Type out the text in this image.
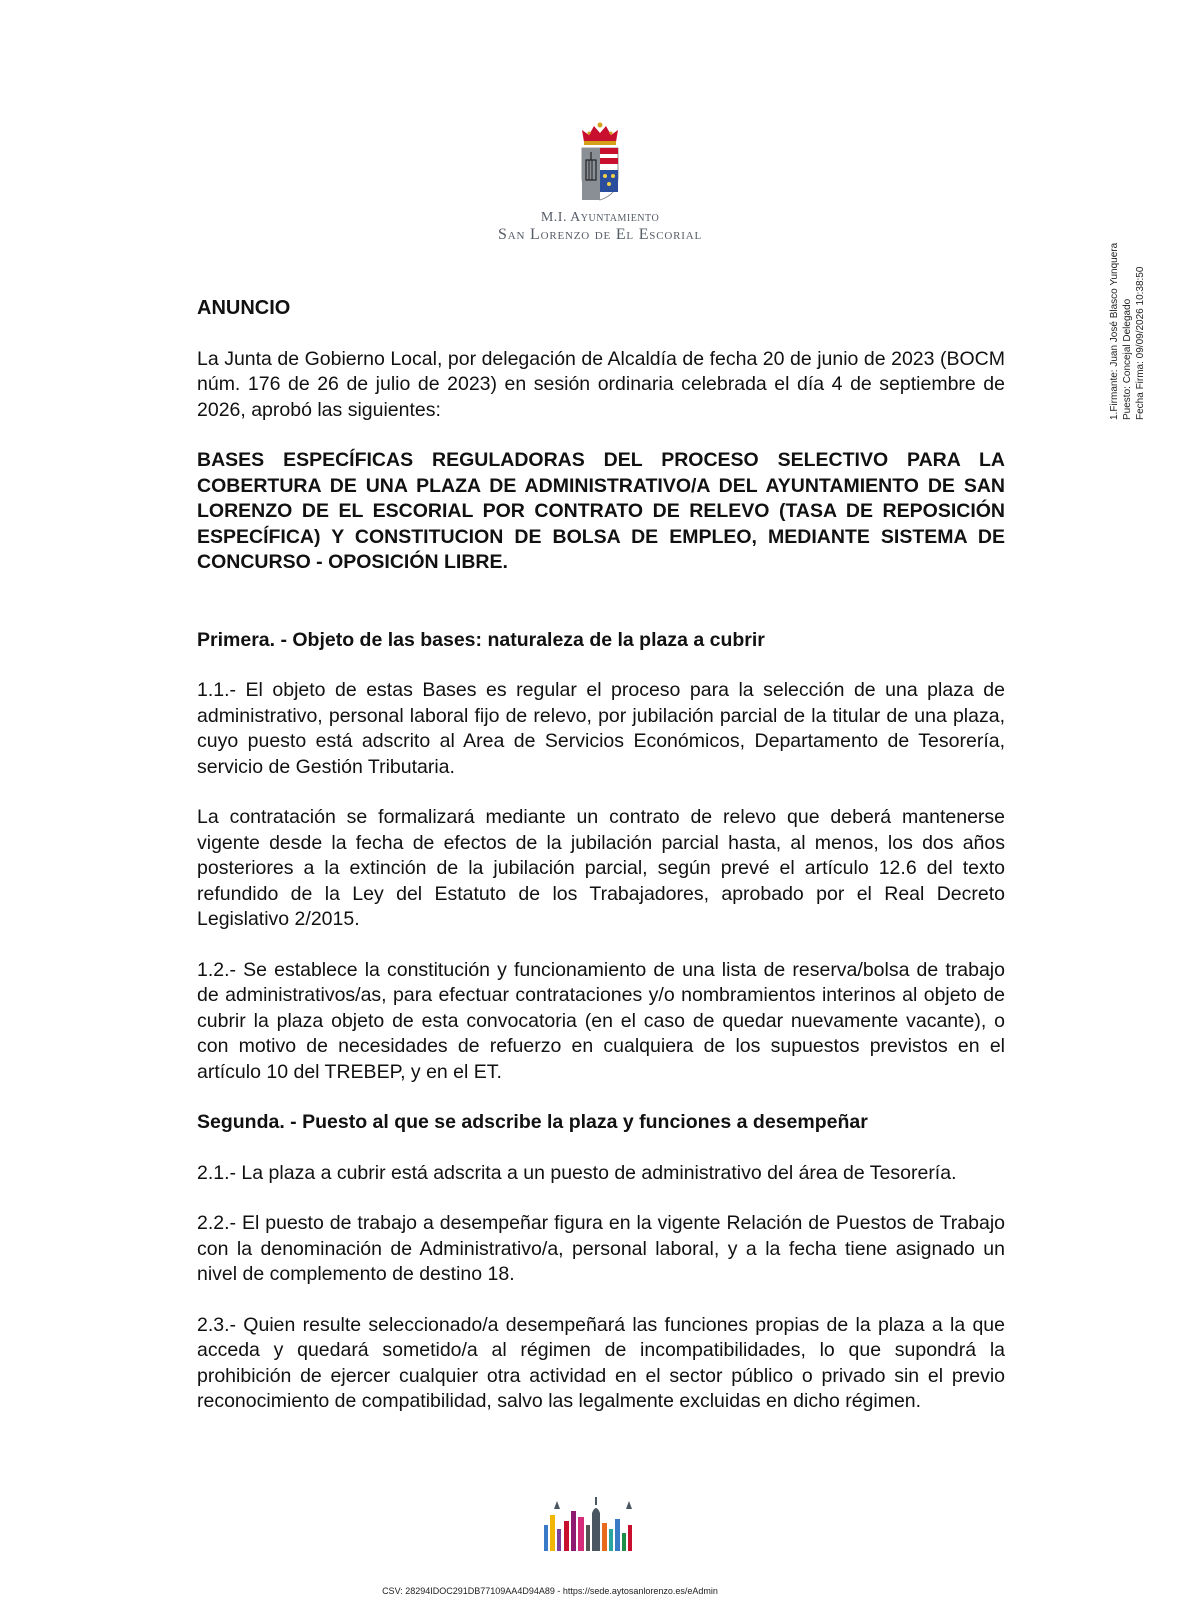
M.I. Ayuntamiento
San Lorenzo de El Escorial
1.Firmante: Juan José Blasco Yunquera Puesto: Concejal Delegado Fecha Firma: 09/09/2026 10:38:50

ANUNCIO

La Junta de Gobierno Local, por delegación de Alcaldía de fecha 20 de junio de 2023 (BOCM núm. 176 de 26 de julio de 2023) en sesión ordinaria celebrada el día 4 de septiembre de 2026, aprobó las siguientes:

BASES ESPECÍFICAS REGULADORAS DEL PROCESO SELECTIVO PARA LA COBERTURA DE UNA PLAZA DE ADMINISTRATIVO/A DEL AYUNTAMIENTO DE SAN LORENZO DE EL ESCORIAL POR CONTRATO DE RELEVO (TASA DE REPOSICIÓN ESPECÍFICA) Y CONSTITUCION DE BOLSA DE EMPLEO, MEDIANTE SISTEMA DE CONCURSO - OPOSICIÓN LIBRE.

Primera. - Objeto de las bases: naturaleza de la plaza a cubrir

1.1.- El objeto de estas Bases es regular el proceso para la selección de una plaza de administrativo, personal laboral fijo de relevo, por jubilación parcial de la titular de una plaza, cuyo puesto está adscrito al Area de Servicios Económicos, Departamento de Tesorería, servicio de Gestión Tributaria.

La contratación se formalizará mediante un contrato de relevo que deberá mantenerse vigente desde la fecha de efectos de la jubilación parcial hasta, al menos, los dos años posteriores a la extinción de la jubilación parcial, según prevé el artículo 12.6 del texto refundido de la Ley del Estatuto de los Trabajadores, aprobado por el Real Decreto Legislativo 2/2015.

1.2.- Se establece la constitución y funcionamiento de una lista de reserva/bolsa de trabajo de administrativos/as, para efectuar contrataciones y/o nombramientos interinos al objeto de cubrir la plaza objeto de esta convocatoria (en el caso de quedar nuevamente vacante), o con motivo de necesidades de refuerzo en cualquiera de los supuestos previstos en el artículo 10 del TREBEP, y en el ET.

Segunda. - Puesto al que se adscribe la plaza y funciones a desempeñar

2.1.- La plaza a cubrir está adscrita a un puesto de administrativo del área de Tesorería.

2.2.- El puesto de trabajo a desempeñar figura en la vigente Relación de Puestos de Trabajo con la denominación de Administrativo/a, personal laboral, y a la fecha tiene asignado un nivel de complemento de destino 18.

2.3.- Quien resulte seleccionado/a desempeñará las funciones propias de la plaza a la que acceda y quedará sometido/a al régimen de incompatibilidades, lo que supondrá la prohibición de ejercer cualquier otra actividad en el sector público o privado sin el previo reconocimiento de compatibilidad, salvo las legalmente excluidas en dicho régimen.

CSV: 28294IDOC291DB77109AA4D94A89 - https://sede.aytosanlorenzo.es/eAdmin
